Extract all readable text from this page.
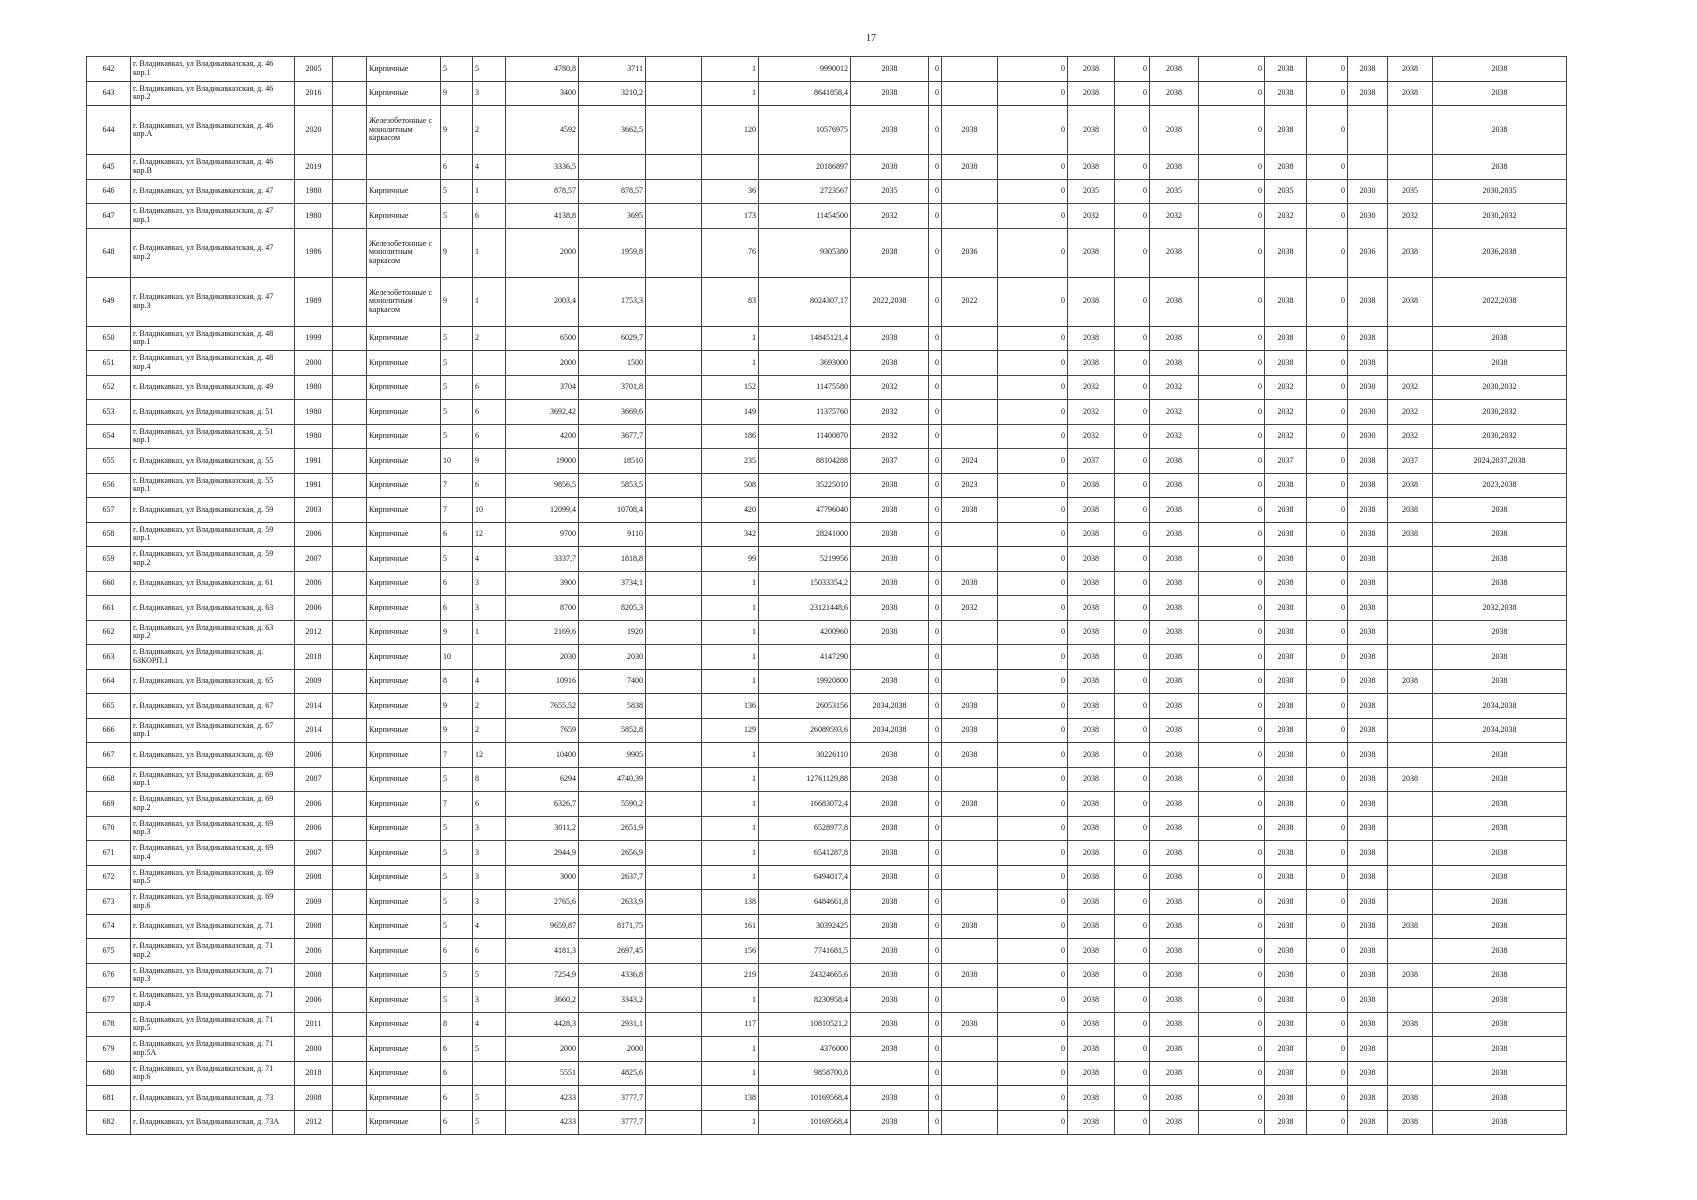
17
642	г. Владикавказ, ул Владикавказская, д. 46 кор.1	2005		Кирпичные	5	5	4780,8	3711		1	9990012	2038	0		0	2038	0	2038	0	2038	0	2038	2038	2038
643	г. Владикавказ, ул Владикавказская, д. 46 кор.2	2016		Кирпичные	9	3	3400	3210,2		1	8641858,4	2038	0		0	2038	0	2038	0	2038	0	2038	2038	2038
644	г. Владикавказ, ул Владикавказская, д. 46 кор.А	2020		Железобетонные с монолитным каркасом	9	2	4592	3662,5		120	10576975	2038	0	2038	0	2038	0	2038	0	2038	0			2038
645	г. Владикавказ, ул Владикавказская, д. 46 кор.В	2019			6	4	3336,5				20186897	2038	0	2038	0	2038	0	2038	0	2038	0			2038
646	г. Владикавказ, ул Владикавказская, д. 47	1980		Кирпичные	5	1	878,57	878,57		36	2723567	2035	0		0	2035	0	2035	0	2035	0	2030	2035	2030,2035
647	г. Владикавказ, ул Владикавказская, д. 47 кор.1	1980		Кирпичные	5	6	4138,8	3695		173	11454500	2032	0		0	2032	0	2032	0	2032	0	2030	2032	2030,2032
648	г. Владикавказ, ул Владикавказская, д. 47 кор.2	1986		Железобетонные с монолитным каркасом	9	1	2000	1959,8		76	9305380	2038	0	2036	0	2038	0	2038	0	2038	0	2036	2038	2036,2038
649	г. Владикавказ, ул Владикавказская, д. 47 кор.3	1989		Железобетонные с монолитным каркасом	9	1	2003,4	1753,3		83	8024307,17	2022,2038	0	2022	0	2038	0	2038	0	2038	0	2038	2038	2022,2038
650	г. Владикавказ, ул Владикавказская, д. 48 кор.1	1999		Кирпичные	5	2	6500	6029,7		1	14845121,4	2038	0		0	2038	0	2038	0	2038	0	2038		2038
651	г. Владикавказ, ул Владикавказская, д. 48 кор.4	2000		Кирпичные	5		2000	1500		1	3693000	2038	0		0	2038	0	2038	0	2038	0	2038		2038
652	г. Владикавказ, ул Владикавказская, д. 49	1980		Кирпичные	5	6	3704	3701,8		152	11475580	2032	0		0	2032	0	2032	0	2032	0	2030	2032	2030,2032
653	г. Владикавказ, ул Владикавказская, д. 51	1980		Кирпичные	5	6	3692,42	3669,6		149	11375760	2032	0		0	2032	0	2032	0	2032	0	2030	2032	2030,2032
654	г. Владикавказ, ул Владикавказская, д. 51 кор.1	1980		Кирпичные	5	6	4200	3677,7		186	11400870	2032	0		0	2032	0	2032	0	2032	0	2030	2032	2030,2032
655	г. Владикавказ, ул Владикавказская, д. 55	1991		Кирпичные	10	9	19000	18510		235	88104288	2037	0	2024	0	2037	0	2038	0	2037	0	2038	2037	2024,2037,2038
656	г. Владикавказ, ул Владикавказская, д. 55 кор.1	1991		Кирпичные	7	6	9856,5	5853,5		508	35225010	2038	0	2023	0	2038	0	2038	0	2038	0	2038	2038	2023,2038
657	г. Владикавказ, ул Владикавказская, д. 59	2003		Кирпичные	7	10	12099,4	10708,4		420	47796040	2038	0	2038	0	2038	0	2038	0	2038	0	2038	2038	2038
658	г. Владикавказ, ул Владикавказская, д. 59 кор.1	2006		Кирпичные	6	12	9700	9110		342	28241000	2038	0		0	2038	0	2038	0	2038	0	2038	2038	2038
659	г. Владикавказ, ул Владикавказская, д. 59 кор.2	2007		Кирпичные	5	4	3337,7	1818,8		99	5219956	2038	0		0	2038	0	2038	0	2038	0	2038		2038
660	г. Владикавказ, ул Владикавказская, д. 61	2006		Кирпичные	6	3	3900	3734,1		1	15033354,2	2038	0	2038	0	2038	0	2038	0	2038	0	2038		2038
661	г. Владикавказ, ул Владикавказская, д. 63	2006		Кирпичные	6	3	8700	8205,3		1	23121448,6	2038	0	2032	0	2038	0	2038	0	2038	0	2038		2032,2038
662	г. Владикавказ, ул Владикавказская, д. 63 кор.2	2012		Кирпичные	9	1	2169,6	1920		1	4200960	2038	0		0	2038	0	2038	0	2038	0	2038		2038
663	г. Владикавказ, ул Владикавказская, д. 63КОРП.1	2018		Кирпичные	10		2030	2030		1	4147290		0		0	2038	0	2038	0	2038	0	2038		2038
664	г. Владикавказ, ул Владикавказская, д. 65	2009		Кирпичные	8	4	10916	7400		1	19920800	2038	0		0	2038	0	2038	0	2038	0	2038	2038	2038
665	г. Владикавказ, ул Владикавказская, д. 67	2014		Кирпичные	9	2	7655,52	5838		136	26053156	2034,2038	0	2038	0	2038	0	2038	0	2038	0	2038		2034,2038
666	г. Владикавказ, ул Владикавказская, д. 67 кор.1	2014		Кирпичные	9	2	7659	5852,8		129	26089593,6	2034,2038	0	2038	0	2038	0	2038	0	2038	0	2038		2034,2038
667	г. Владикавказ, ул Владикавказская, д. 69	2006		Кирпичные	7	12	10400	9905		1	30226110	2038	0	2038	0	2038	0	2038	0	2038	0	2038		2038
668	г. Владикавказ, ул Владикавказская, д. 69 кор.1	2007		Кирпичные	5	8	6294	4740,39		1	12761129,88	2038	0		0	2038	0	2038	0	2038	0	2038	2038	2038
669	г. Владикавказ, ул Владикавказская, д. 69 кор.2	2006		Кирпичные	7	6	6326,7	5590,2		1	16683072,4	2038	0	2038	0	2038	0	2038	0	2038	0	2038		2038
670	г. Владикавказ, ул Владикавказская, д. 69 кор.3	2006		Кирпичные	5	3	3011,2	2651,9		1	6528977,8	2038	0		0	2038	0	2038	0	2038	0	2038		2038
671	г. Владикавказ, ул Владикавказская, д. 69 кор.4	2007		Кирпичные	5	3	2944,9	2656,9		1	6541287,8	2038	0		0	2038	0	2038	0	2038	0	2038		2038
672	г. Владикавказ, ул Владикавказская, д. 69 кор.5	2008		Кирпичные	5	3	3000	2637,7		1	6494017,4	2038	0		0	2038	0	2038	0	2038	0	2038		2038
673	г. Владикавказ, ул Владикавказская, д. 69 кор.6	2009		Кирпичные	5	3	2765,6	2633,9		138	6484661,8	2038	0		0	2038	0	2038	0	2038	0	2038		2038
674	г. Владикавказ, ул Владикавказская, д. 71	2008		Кирпичные	5	4	9659,87	8171,75		161	30392425	2038	0	2038	0	2038	0	2038	0	2038	0	2038	2038	2038
675	г. Владикавказ, ул Владикавказская, д. 71 кор.2	2006		Кирпичные	6	6	4181,3	2697,45		156	7741681,5	2038	0		0	2038	0	2038	0	2038	0	2038		2038
676	г. Владикавказ, ул Владикавказская, д. 71 кор.3	2008		Кирпичные	5	5	7254,9	4336,8		219	24324665,6	2038	0	2038	0	2038	0	2038	0	2038	0	2038	2038	2038
677	г. Владикавказ, ул Владикавказская, д. 71 кор.4	2006		Кирпичные	5	3	3660,2	3343,2		1	8230958,4	2038	0		0	2038	0	2038	0	2038	0	2038		2038
678	г. Владикавказ, ул Владикавказская, д. 71 кор.5	2011		Кирпичные	8	4	4428,3	2931,1		117	10810521,2	2038	0	2038	0	2038	0	2038	0	2038	0	2038	2038	2038
679	г. Владикавказ, ул Владикавказская, д. 71 кор.5А	2000		Кирпичные	6	5	2000	2000		1	4376000	2038	0		0	2038	0	2038	0	2038	0	2038		2038
680	г. Владикавказ, ул Владикавказская, д. 71 кор.6	2018		Кирпичные	6		5551	4825,6		1	9858700,8		0		0	2038	0	2038	0	2038	0	2038		2038
681	г. Владикавказ, ул Владикавказская, д. 73	2008		Кирпичные	6	5	4233	3777,7		138	10169568,4	2038	0		0	2038	0	2038	0	2038	0	2038	2038	2038
682	г. Владикавказ, ул Владикавказская, д. 73А	2012		Кирпичные	6	5	4233	3777,7		1	10169568,4	2038	0		0	2038	0	2038	0	2038	0	2038	2038	2038
